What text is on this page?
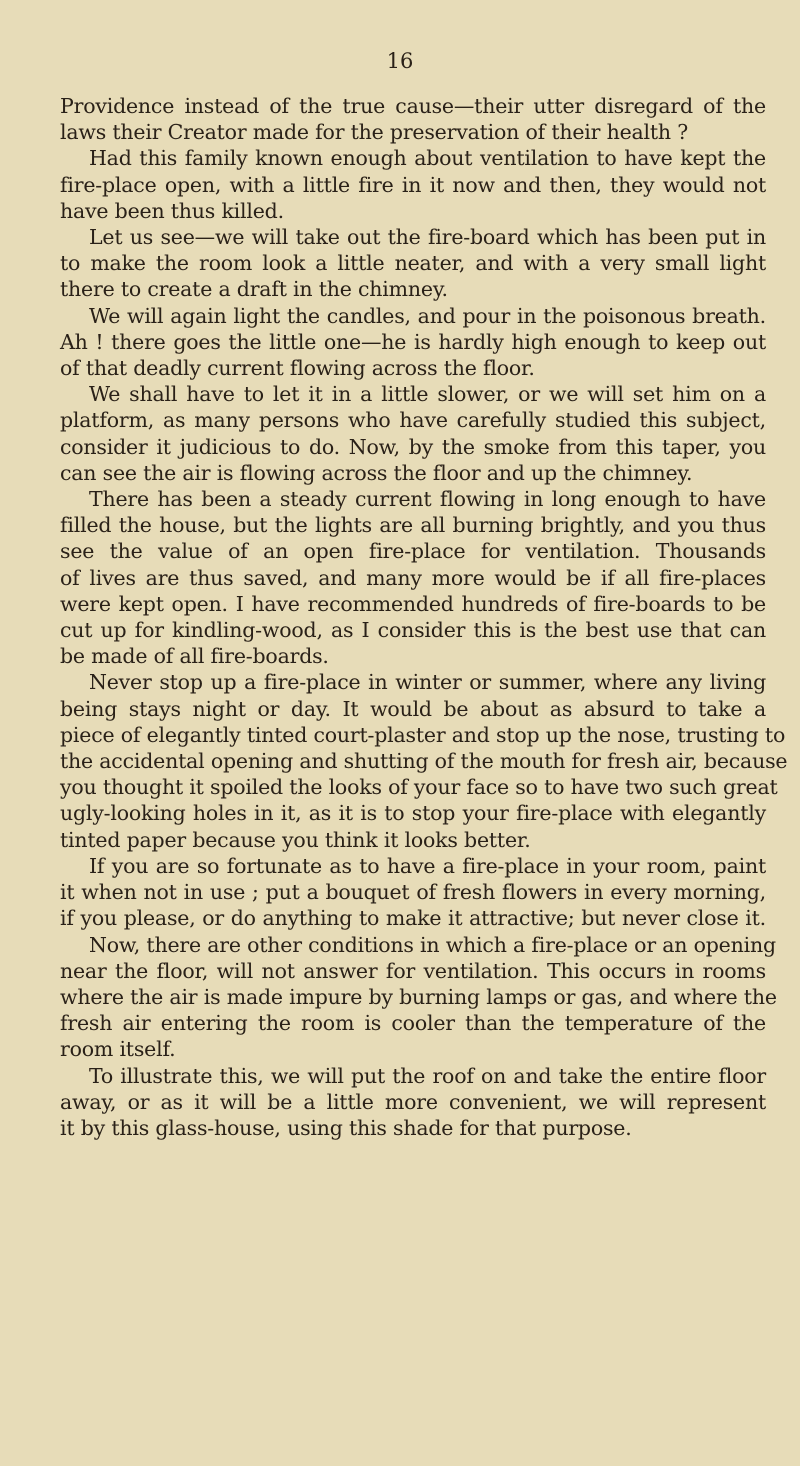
16
Providence instead of the true cause—their utter disregard of the
laws their Creator made for the preservation of their health ?
Had this family known enough about ventilation to have kept the
fire-place open, with a little fire in it now and then, they would not
have been thus killed.
Let us see—we will take out the fire-board which has been put in
to make the room look a little neater, and with a very small light
there to create a draft in the chimney.
We will again light the candles, and pour in the poisonous breath.
Ah ! there goes the little one—he is hardly high enough to keep out
of that deadly current flowing across the floor.
We shall have to let it in a little slower, or we will set him on a
platform, as many persons who have carefully studied this subject,
consider it judicious to do. Now, by the smoke from this taper, you
can see the air is flowing across the floor and up the chimney.
There has been a steady current flowing in long enough to have
filled the house, but the lights are all burning brightly, and you thus
see the value of an open fire-place for ventilation. Thousands
of lives are thus saved, and many more would be if all fire-places
were kept open. I have recommended hundreds of fire-boards to be
cut up for kindling-wood, as I consider this is the best use that can
be made of all fire-boards.
Never stop up a fire-place in winter or summer, where any living
being stays night or day. It would be about as absurd to take a
piece of elegantly tinted court-plaster and stop up the nose, trusting to
the accidental opening and shutting of the mouth for fresh air, because
you thought it spoiled the looks of your face so to have two such great
ugly-looking holes in it, as it is to stop your fire-place with elegantly
tinted paper because you think it looks better.
If you are so fortunate as to have a fire-place in your room, paint
it when not in use ; put a bouquet of fresh flowers in every morning,
if you please, or do anything to make it attractive; but never close it.
Now, there are other conditions in which a fire-place or an opening
near the floor, will not answer for ventilation. This occurs in rooms
where the air is made impure by burning lamps or gas, and where the
fresh air entering the room is cooler than the temperature of the
room itself.
To illustrate this, we will put the roof on and take the entire floor
away, or as it will be a little more convenient, we will represent
it by this glass-house, using this shade for that purpose.
